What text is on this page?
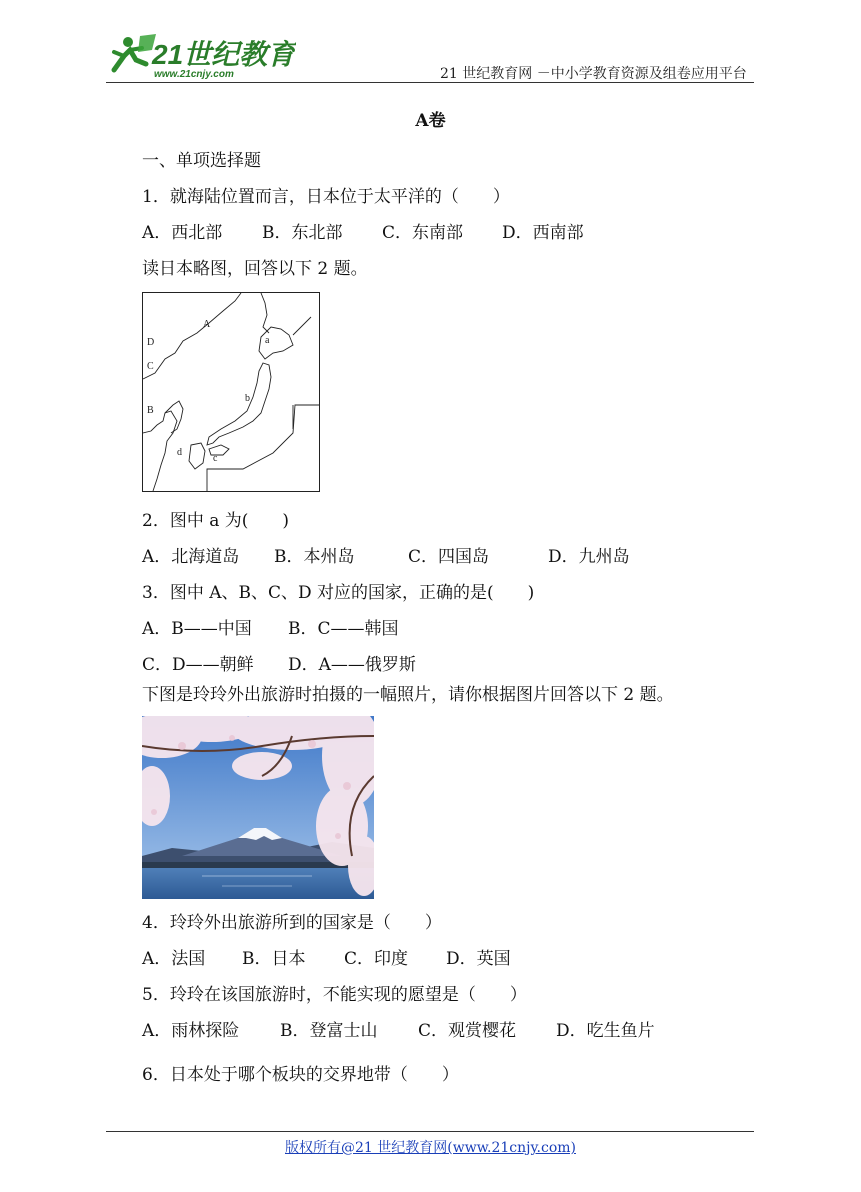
21世纪教育
www.21cnjy.com	21 世纪教育网 －中小学教育资源及组卷应用平台
A卷
一、单项选择题
1．就海陆位置而言，日本位于太平洋的（　　）
A．西北部 B．东北部 C．东南部 D．西南部
读日本略图，回答以下 2 题。
A
D
C
B
a
b
c
d
2．图中 a 为(　　)
A．北海道岛 B．本州岛	C．四国岛	D．九州岛
3．图中 A、B、C、D 对应的国家，正确的是(　　)
A．B——中国 B．C——韩国
C．D——朝鲜 D．A——俄罗斯
下图是玲玲外出旅游时拍摄的一幅照片，请你根据图片回答以下 2 题。
4．玲玲外出旅游所到的国家是（　　）
A．法国 B．日本 C．印度 D．英国
5．玲玲在该国旅游时，不能实现的愿望是（　　）
A．雨林探险 B．登富士山 C．观赏樱花 D．吃生鱼片
6．日本处于哪个板块的交界地带（　　）
版权所有@21 世纪教育网(www.21cnjy.com)
